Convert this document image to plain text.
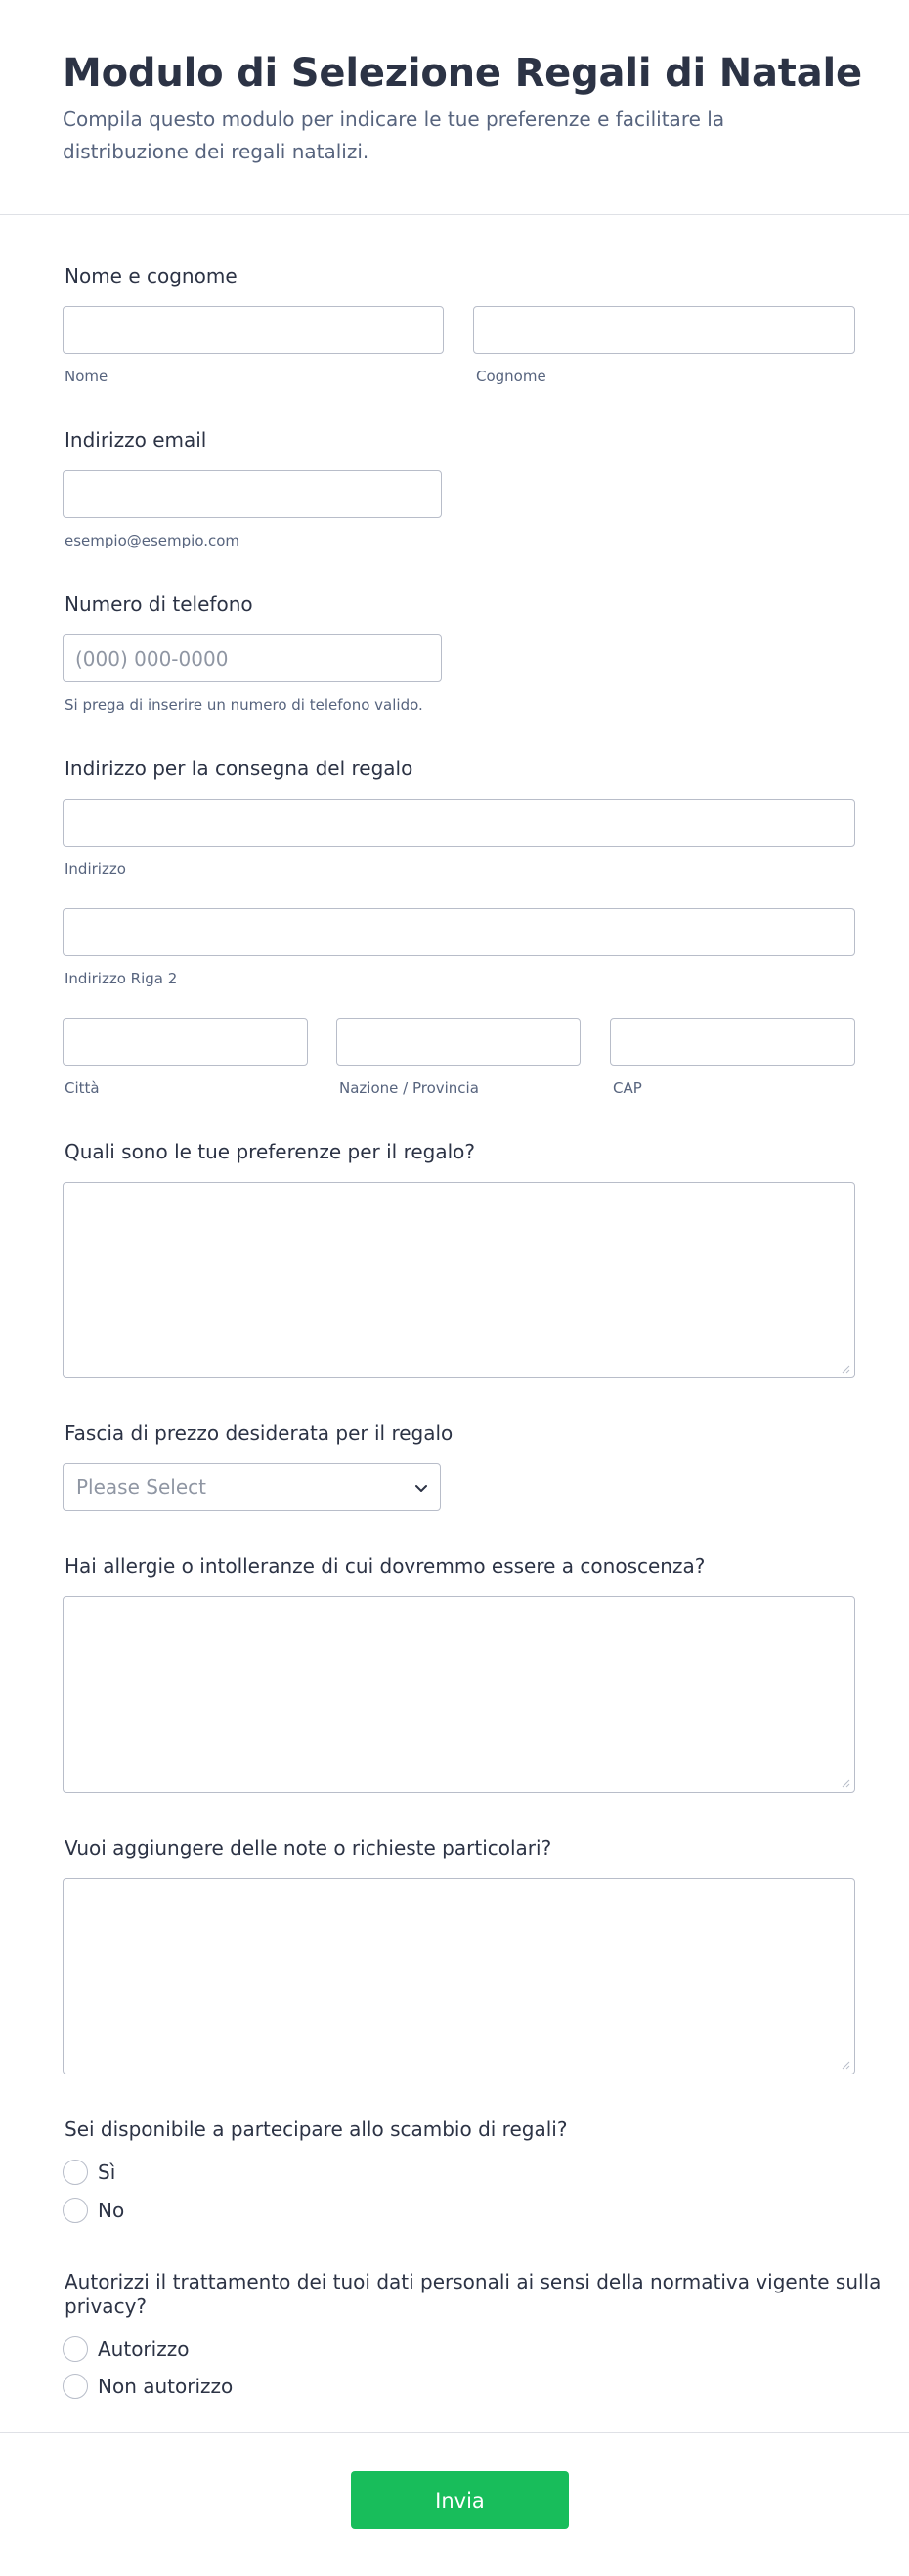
Modulo di Selezione Regali di Natale
Compila questo modulo per indicare le tue preferenze e facilitare la distribuzione dei regali natalizi.
Nome e cognome
Nome	Cognome
Indirizzo email
esempio@esempio.com
Numero di telefono
(000) 000-0000
Si prega di inserire un numero di telefono valido.
Indirizzo per la consegna del regalo
Indirizzo
Indirizzo Riga 2
Città	Nazione / Provincia	CAP
Quali sono le tue preferenze per il regalo?
Fascia di prezzo desiderata per il regalo
Please Select
Hai allergie o intolleranze di cui dovremmo essere a conoscenza?
Vuoi aggiungere delle note o richieste particolari?
Sei disponibile a partecipare allo scambio di regali?
Sì
No
Autorizzi il trattamento dei tuoi dati personali ai sensi della normativa vigente sulla
privacy?
Autorizzo
Non autorizzo
Invia
